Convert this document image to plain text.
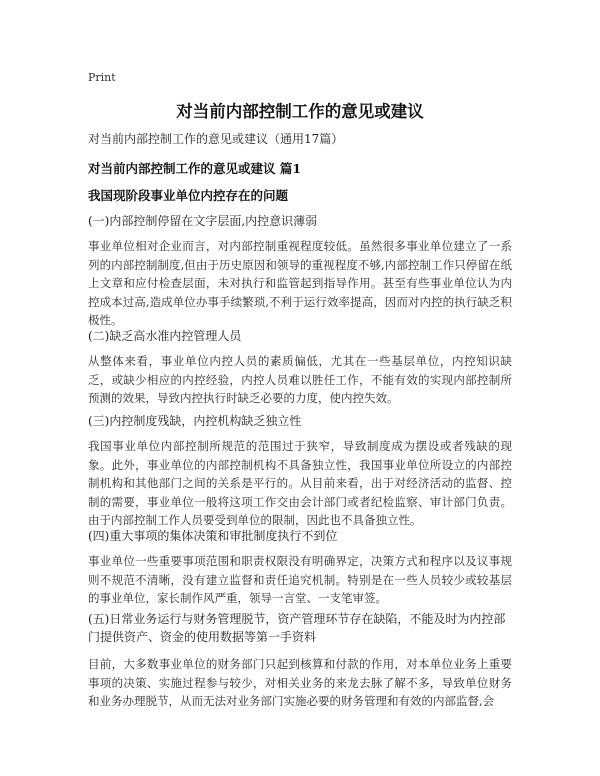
Print
对当前内部控制工作的意见或建议

对当前内部控制工作的意见或建议（通用17篇）

对当前内部控制工作的意见或建议 篇1

我国现阶段事业单位内控存在的问题

(一)内部控制停留在文字层面,内控意识薄弱

事业单位相对企业而言，对内部控制重视程度较低。虽然很多事业单位建立了一系列的内部控制制度,但由于历史原因和领导的重视程度不够,内部控制工作只停留在纸上文章和应付检查层面，未对执行和监管起到指导作用。甚至有些事业单位认为内控成本过高,造成单位办事手续繁琐,不利于运行效率提高，因而对内控的执行缺乏积极性。

(二)缺乏高水准内控管理人员

从整体来看，事业单位内控人员的素质偏低，尤其在一些基层单位，内控知识缺乏，或缺少相应的内控经验，内控人员难以胜任工作，不能有效的实现内部控制所预测的效果，导致内控执行时缺乏必要的力度，使内控失效。

(三)内控制度残缺，内控机构缺乏独立性

我国事业单位内部控制所规范的范围过于狭窄，导致制度成为摆设或者残缺的现象。此外，事业单位的内部控制机构不具备独立性，我国事业单位所设立的内部控制机构和其他部门之间的关系是平行的。从目前来看，出于对经济活动的监督、控制的需要，事业单位一般将这项工作交由会计部门或者纪检监察、审计部门负责。由于内部控制工作人员要受到单位的限制，因此也不具备独立性。

(四)重大事项的集体决策和审批制度执行不到位

事业单位一些重要事项范围和职责权限没有明确界定，决策方式和程序以及议事规则不规范不清晰，没有建立监督和责任追究机制。特别是在一些人员较少或较基层的事业单位，家长制作风严重，领导一言堂、一支笔审签。

(五)日常业务运行与财务管理脱节，资产管理环节存在缺陷，不能及时为内控部门提供资产、资金的使用数据等第一手资料

目前，大多数事业单位的财务部门只起到核算和付款的作用，对本单位业务上重要事项的决策、实施过程参与较少，对相关业务的来龙去脉了解不多，导致单位财务和业务办理脱节，从而无法对业务部门实施必要的财务管理和有效的内部监督,会
